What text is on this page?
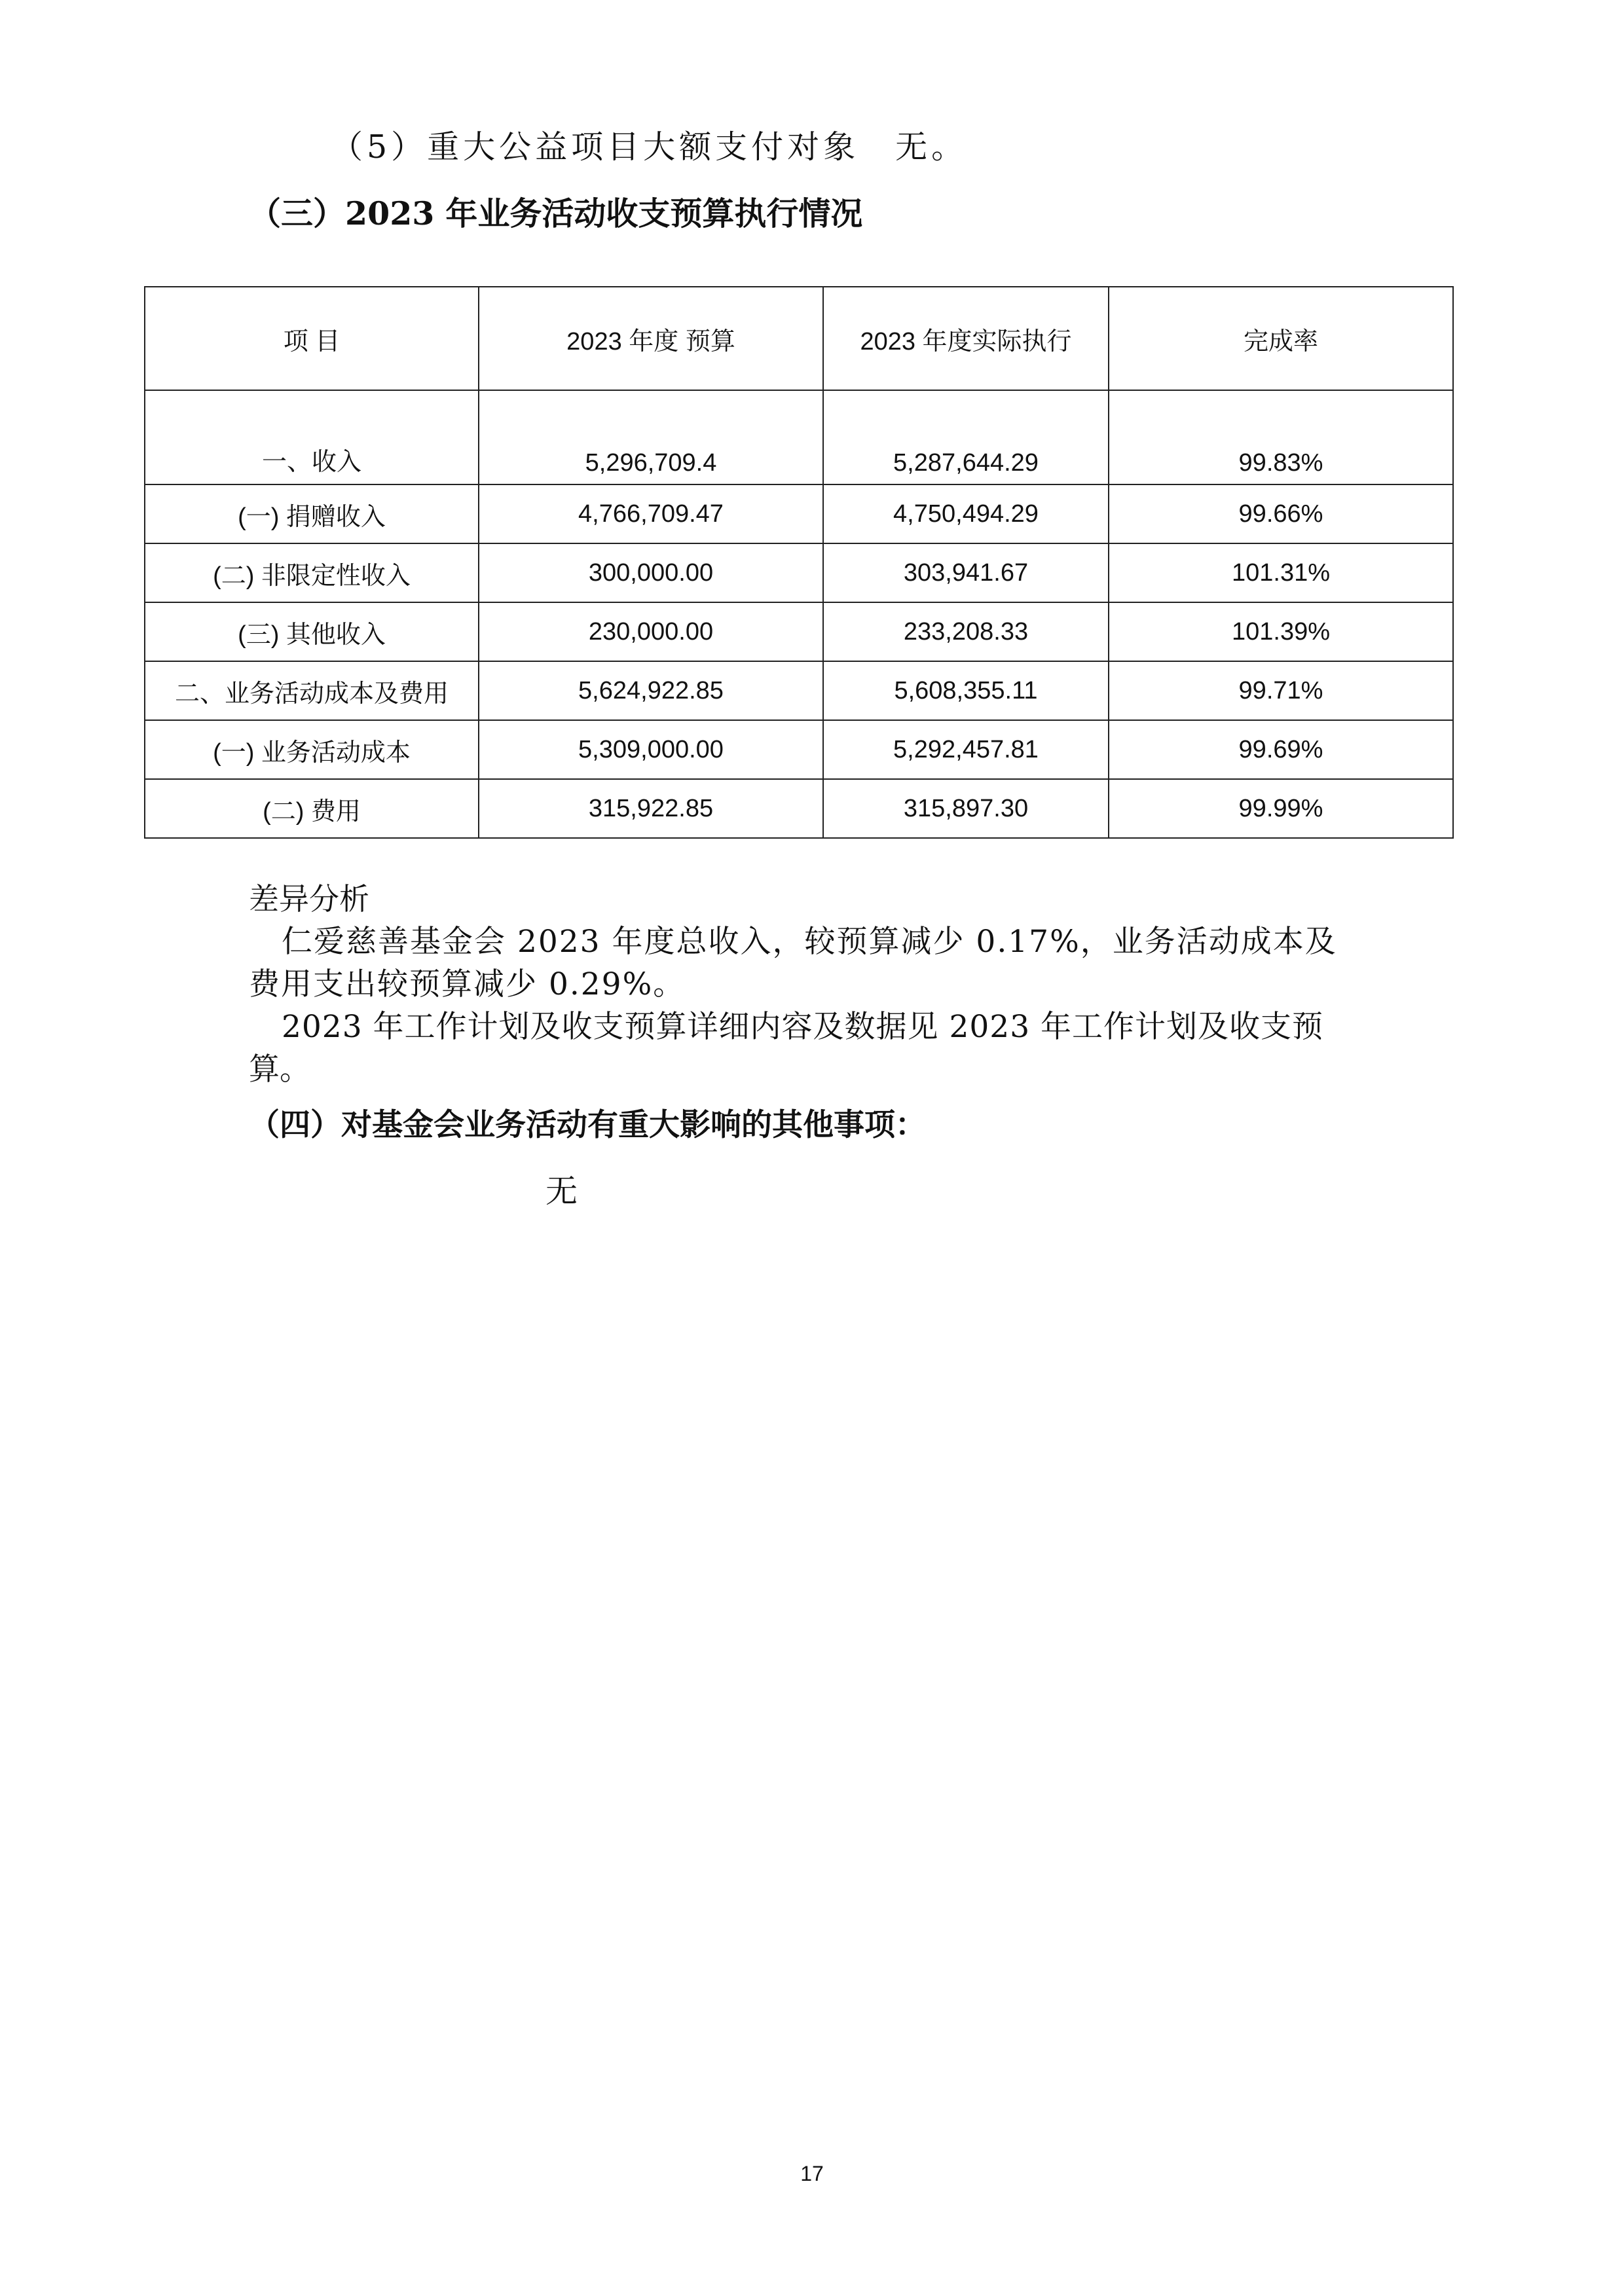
（5）重大公益项目大额支付对象　无。
（三）2023 年业务活动收支预算执行情况
项 目	2023 年度 预算	2023 年度实际执行	完成率
一、收入	5,296,709.4	5,287,644.29	99.83%
(一) 捐赠收入	4,766,709.47	4,750,494.29	99.66%
(二) 非限定性收入	300,000.00	303,941.67	101.31%
(三) 其他收入	230,000.00	233,208.33	101.39%
二、业务活动成本及费用	5,624,922.85	5,608,355.11	99.71%
(一) 业务活动成本	5,309,000.00	5,292,457.81	99.69%
(二) 费用	315,922.85	315,897.30	99.99%
差异分析
仁爱慈善基金会 2023 年度总收入，较预算减少 0.17%，业务活动成本及
费用支出较预算减少 0.29%。
2023 年工作计划及收支预算详细内容及数据见 2023 年工作计划及收支预
算。
（四）对基金会业务活动有重大影响的其他事项：
无
17
